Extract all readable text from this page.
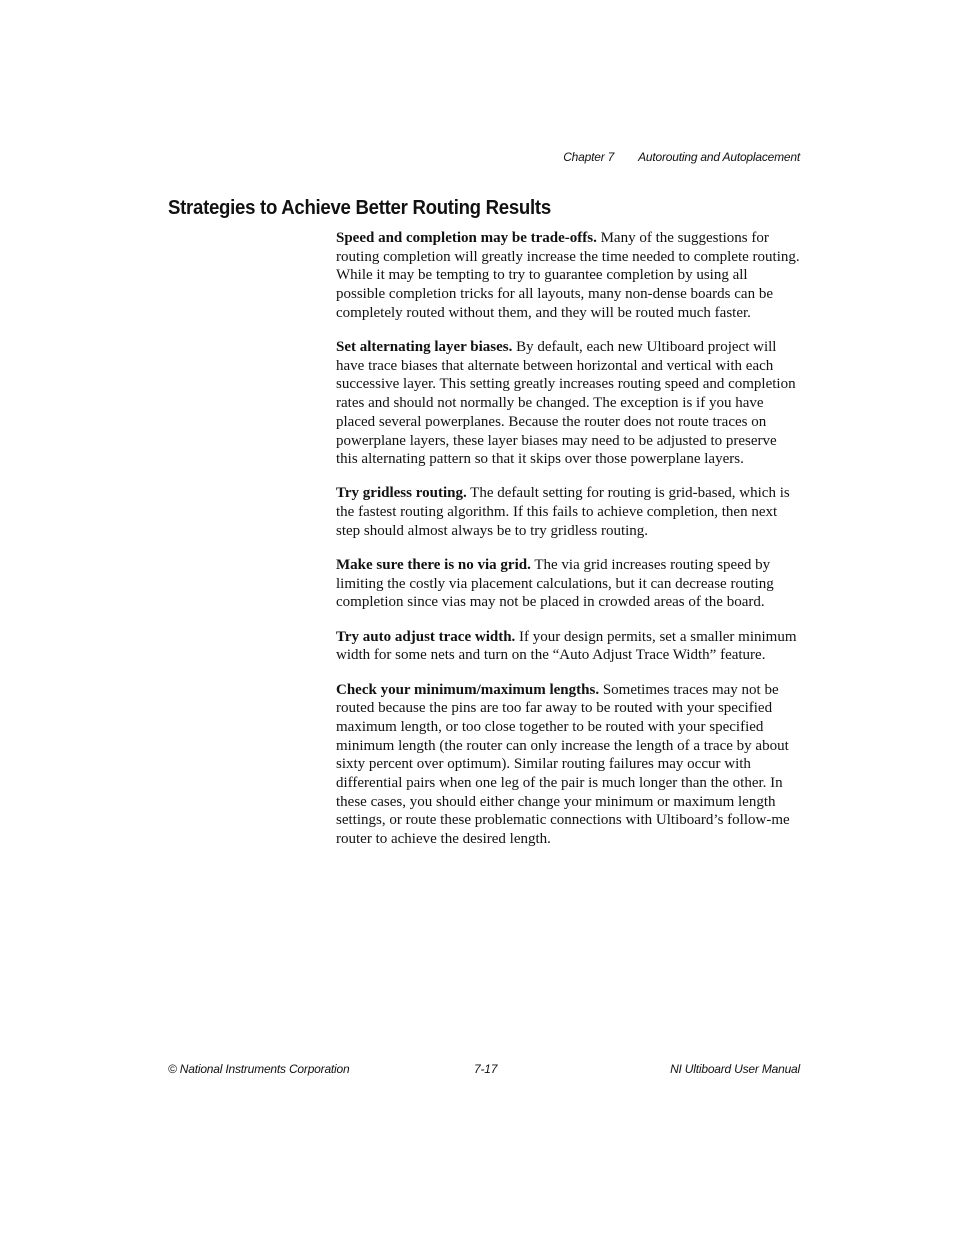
Chapter 7 Autorouting and Autoplacement
Strategies to Achieve Better Routing Results

Speed and completion may be trade-offs. Many of the suggestions for routing completion will greatly increase the time needed to complete routing. While it may be tempting to try to guarantee completion by using all possible completion tricks for all layouts, many non-dense boards can be completely routed without them, and they will be routed much faster.

Set alternating layer biases. By default, each new Ultiboard project will have trace biases that alternate between horizontal and vertical with each successive layer. This setting greatly increases routing speed and completion rates and should not normally be changed. The exception is if you have placed several powerplanes. Because the router does not route traces on powerplane layers, these layer biases may need to be adjusted to preserve this alternating pattern so that it skips over those powerplane layers.

Try gridless routing. The default setting for routing is grid-based, which is the fastest routing algorithm. If this fails to achieve completion, then next step should almost always be to try gridless routing.

Make sure there is no via grid. The via grid increases routing speed by limiting the costly via placement calculations, but it can decrease routing completion since vias may not be placed in crowded areas of the board.

Try auto adjust trace width. If your design permits, set a smaller minimum width for some nets and turn on the “Auto Adjust Trace Width” feature.

Check your minimum/maximum lengths. Sometimes traces may not be routed because the pins are too far away to be routed with your specified maximum length, or too close together to be routed with your specified minimum length (the router can only increase the length of a trace by about sixty percent over optimum). Similar routing failures may occur with differential pairs when one leg of the pair is much longer than the other. In these cases, you should either change your minimum or maximum length settings, or route these problematic connections with Ultiboard’s follow-me router to achieve the desired length.

© National Instruments Corporation	7-17	NI Ultiboard User Manual
